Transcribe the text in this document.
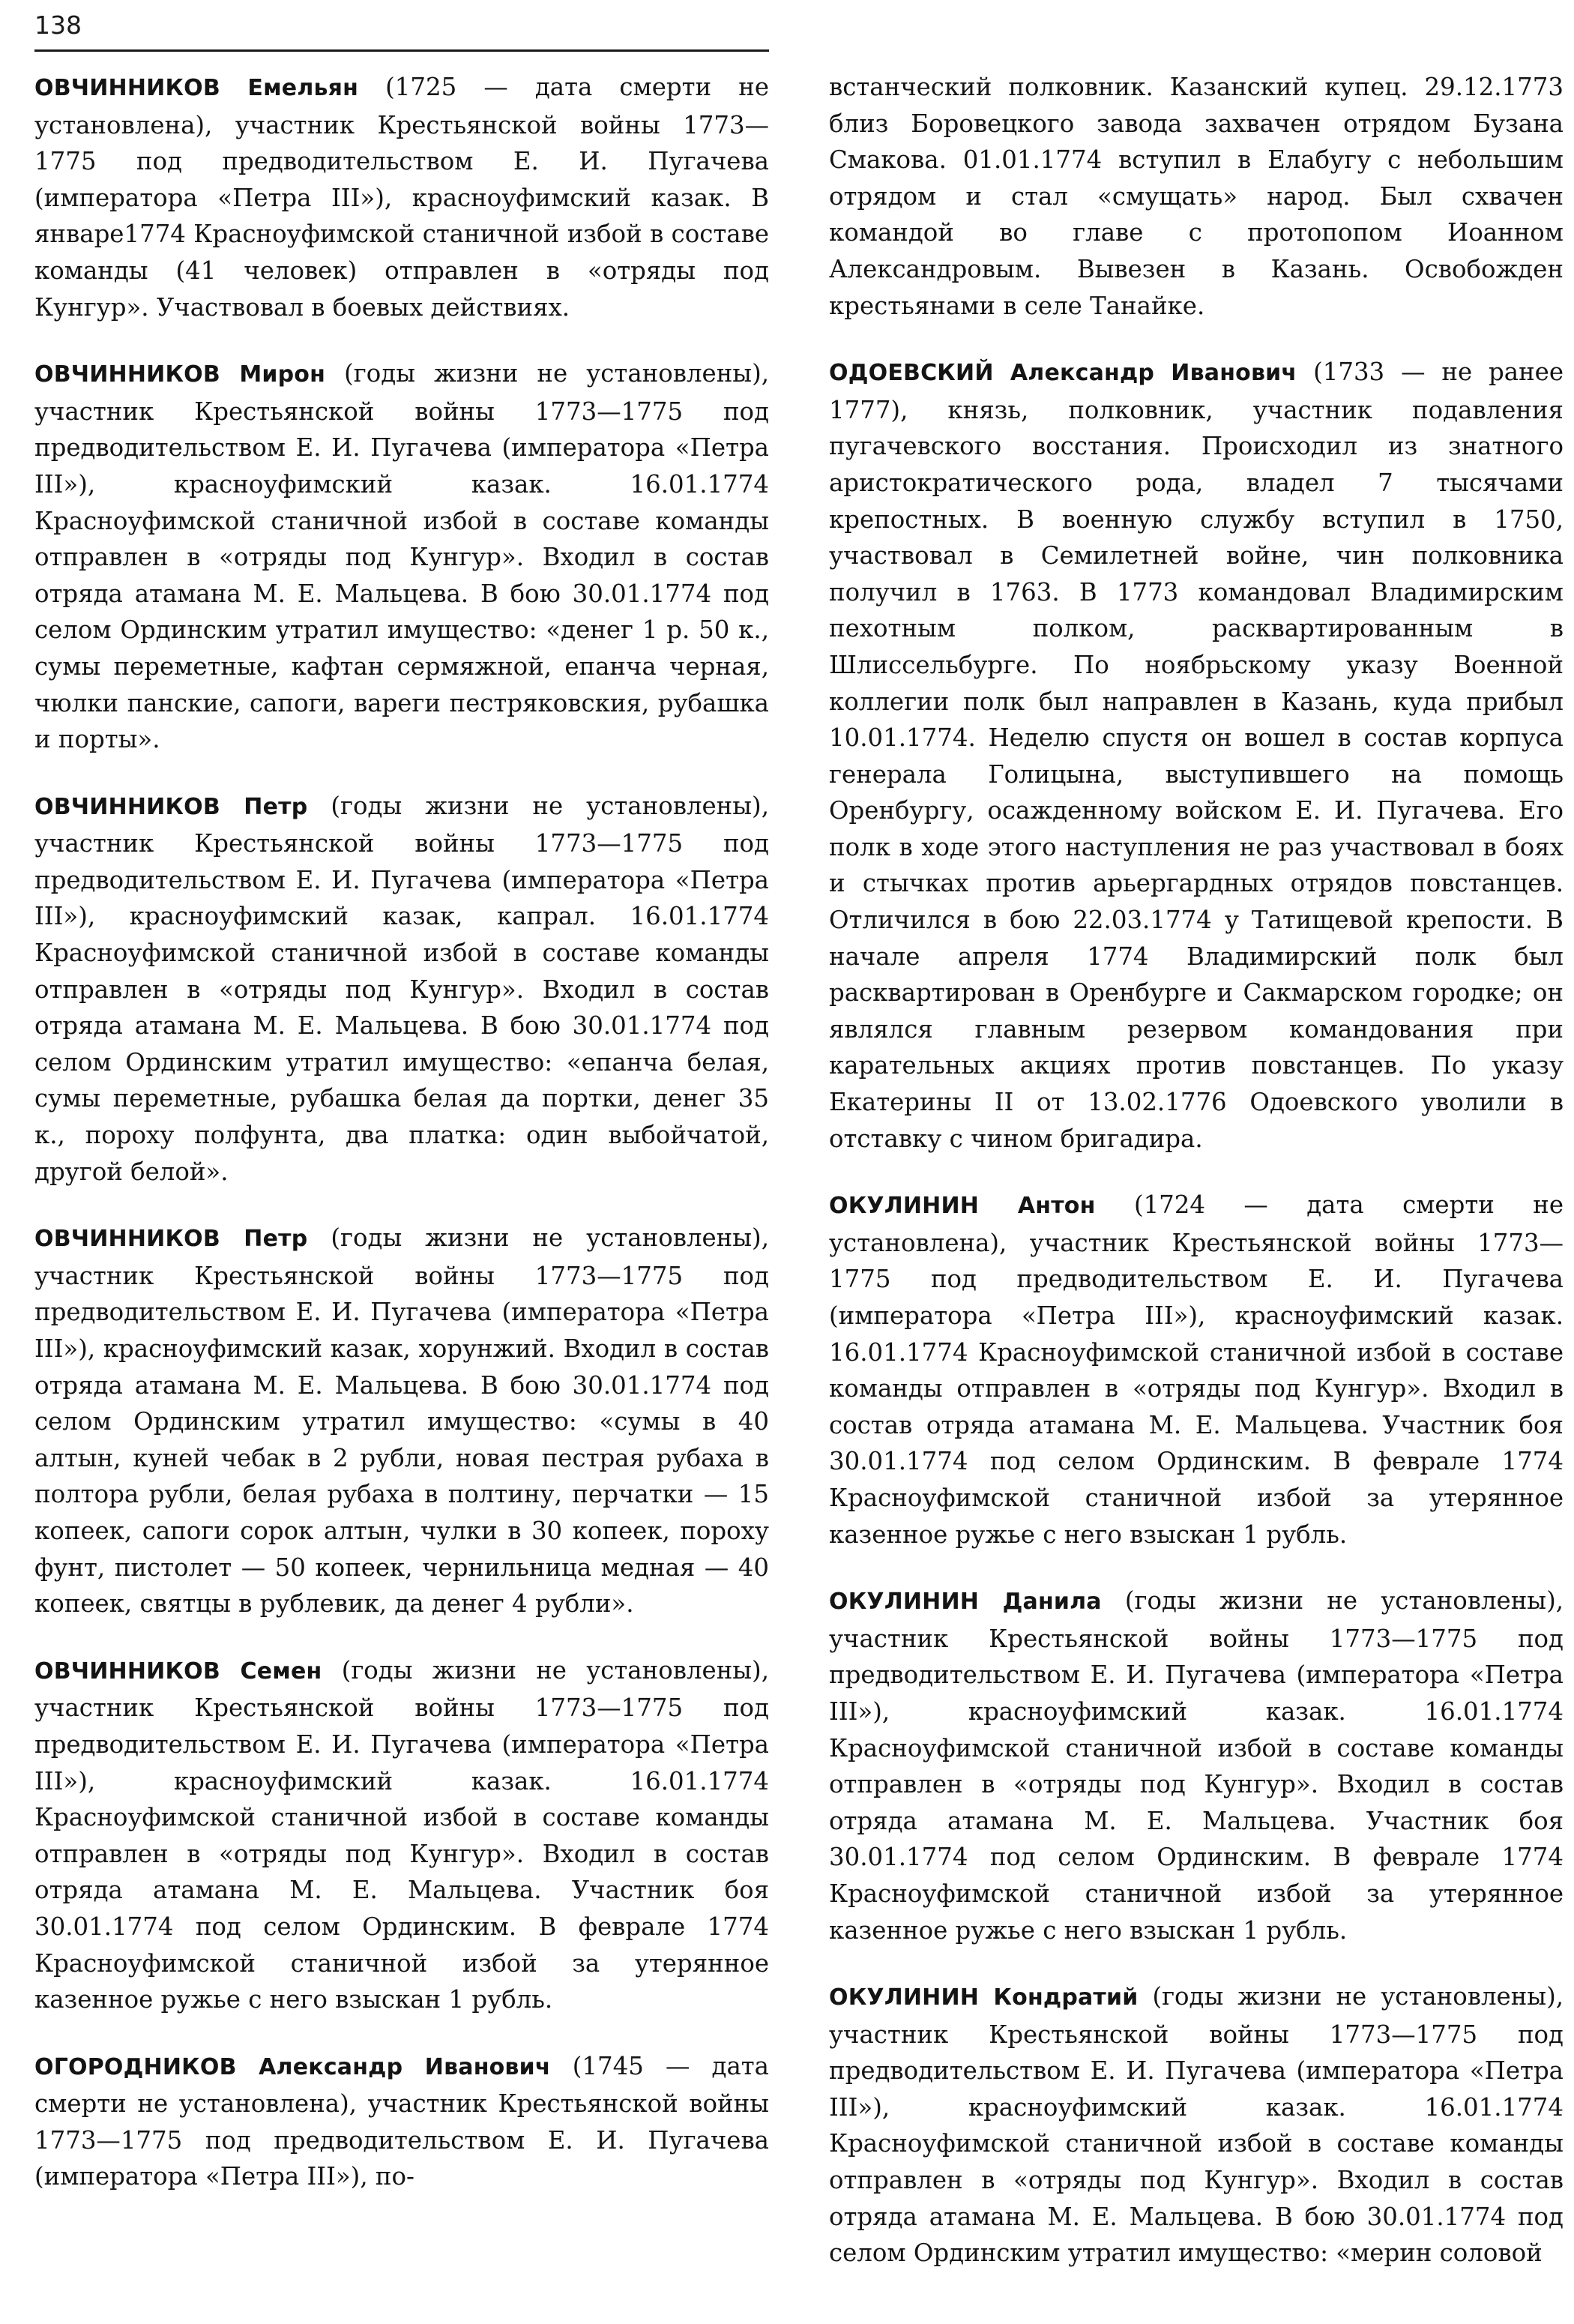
138

ОВЧИННИКОВ Емельян (1725 — дата смерти не установлена), участник Крестьянской войны 1773—1775 под предводительством Е. И. Пугачева (императора «Петра III»), красноуфимский казак. В январе1774 Красноуфимской станичной избой в составе команды (41 человек) отправлен в «отряды под Кунгур». Участвовал в боевых действиях.

ОВЧИННИКОВ Мирон (годы жизни не установлены), участник Крестьянской войны 1773—1775 под предводительством Е. И. Пугачева (императора «Петра III»), красноуфимский казак. 16.01.1774 Красноуфимской станичной избой в составе команды отправлен в «отряды под Кунгур». Входил в состав отряда атамана М. Е. Мальцева. В бою 30.01.1774 под селом Ординским утратил имущество: «денег 1 р. 50 к., сумы переметные, кафтан сермяжной, епанча черная, чюлки панские, сапоги, вареги пестряковския, рубашка и порты».

ОВЧИННИКОВ Петр (годы жизни не установлены), участник Крестьянской войны 1773—1775 под предводительством Е. И. Пугачева (императора «Петра III»), красноуфимский казак, капрал. 16.01.1774 Красноуфимской станичной избой в составе команды отправлен в «отряды под Кунгур». Входил в состав отряда атамана М. Е. Мальцева. В бою 30.01.1774 под селом Ординским утратил имущество: «епанча белая, сумы переметные, рубашка белая да портки, денег 35 к., пороху полфунта, два платка: один выбойчатой, другой белой».

ОВЧИННИКОВ Петр (годы жизни не установлены), участник Крестьянской войны 1773—1775 под предводительством Е. И. Пугачева (императора «Петра III»), красноуфимский казак, хорунжий. Входил в состав отряда атамана М. Е. Мальцева. В бою 30.01.1774 под селом Ординским утратил имущество: «сумы в 40 алтын, куней чебак в 2 рубли, новая пестрая рубаха в полтора рубли, белая рубаха в полтину, перчатки — 15 копеек, сапоги сорок алтын, чулки в 30 копеек, пороху фунт, пистолет — 50 копеек, чернильница медная — 40 копеек, святцы в рублевик, да денег 4 рубли».

ОВЧИННИКОВ Семен (годы жизни не установлены), участник Крестьянской войны 1773—1775 под предводительством Е. И. Пугачева (императора «Петра III»), красноуфимский казак. 16.01.1774 Красноуфимской станичной избой в составе команды отправлен в «отряды под Кунгур». Входил в состав отряда атамана М. Е. Мальцева. Участник боя 30.01.1774 под селом Ординским. В феврале 1774 Красноуфимской станичной избой за утерянное казенное ружье с него взыскан 1 рубль.

ОГОРОДНИКОВ Александр Иванович (1745 — дата смерти не установлена), участник Крестьянской войны 1773—1775 под предводительством Е. И. Пугачева (императора «Петра III»), по-

встанческий полковник. Казанский купец. 29.12.1773 близ Боровецкого завода захвачен отрядом Бузана Смакова. 01.01.1774 вступил в Елабугу с небольшим отрядом и стал «смущать» народ. Был схвачен командой во главе с протопопом Иоанном Александровым. Вывезен в Казань. Освобожден крестьянами в селе Танайке.

ОДОЕВСКИЙ Александр Иванович (1733 — не ранее 1777), князь, полковник, участник подавления пугачевского восстания. Происходил из знатного аристократического рода, владел 7 тысячами крепостных. В военную службу вступил в 1750, участвовал в Семилетней войне, чин полковника получил в 1763. В 1773 командовал Владимирским пехотным полком, расквартированным в Шлиссельбурге. По ноябрьскому указу Военной коллегии полк был направлен в Казань, куда прибыл 10.01.1774. Неделю спустя он вошел в состав корпуса генерала Голицына, выступившего на помощь Оренбургу, осажденному войском Е. И. Пугачева. Его полк в ходе этого наступления не раз участвовал в боях и стычках против арьергардных отрядов повстанцев. Отличился в бою 22.03.1774 у Татищевой крепости. В начале апреля 1774 Владимирский полк был расквартирован в Оренбурге и Сакмарском городке; он являлся главным резервом командования при карательных акциях против повстанцев. По указу Екатерины II от 13.02.1776 Одоевского уволили в отставку с чином бригадира.

ОКУЛИНИН Антон (1724 — дата смерти не установлена), участник Крестьянской войны 1773—1775 под предводительством Е. И. Пугачева (императора «Петра III»), красноуфимский казак. 16.01.1774 Красноуфимской станичной избой в составе команды отправлен в «отряды под Кунгур». Входил в состав отряда атамана М. Е. Мальцева. Участник боя 30.01.1774 под селом Ординским. В феврале 1774 Красноуфимской станичной избой за утерянное казенное ружье с него взыскан 1 рубль.

ОКУЛИНИН Данила (годы жизни не установлены), участник Крестьянской войны 1773—1775 под предводительством Е. И. Пугачева (императора «Петра III»), красноуфимский казак. 16.01.1774 Красноуфимской станичной избой в составе команды отправлен в «отряды под Кунгур». Входил в состав отряда атамана М. Е. Мальцева. Участник боя 30.01.1774 под селом Ординским. В феврале 1774 Красноуфимской станичной избой за утерянное казенное ружье с него взыскан 1 рубль.

ОКУЛИНИН Кондратий (годы жизни не установлены), участник Крестьянской войны 1773—1775 под предводительством Е. И. Пугачева (императора «Петра III»), красноуфимский казак. 16.01.1774 Красноуфимской станичной избой в составе команды отправлен в «отряды под Кунгур». Входил в состав отряда атамана М. Е. Мальцева. В бою 30.01.1774 под селом Ординским утратил имущество: «мерин соловой
